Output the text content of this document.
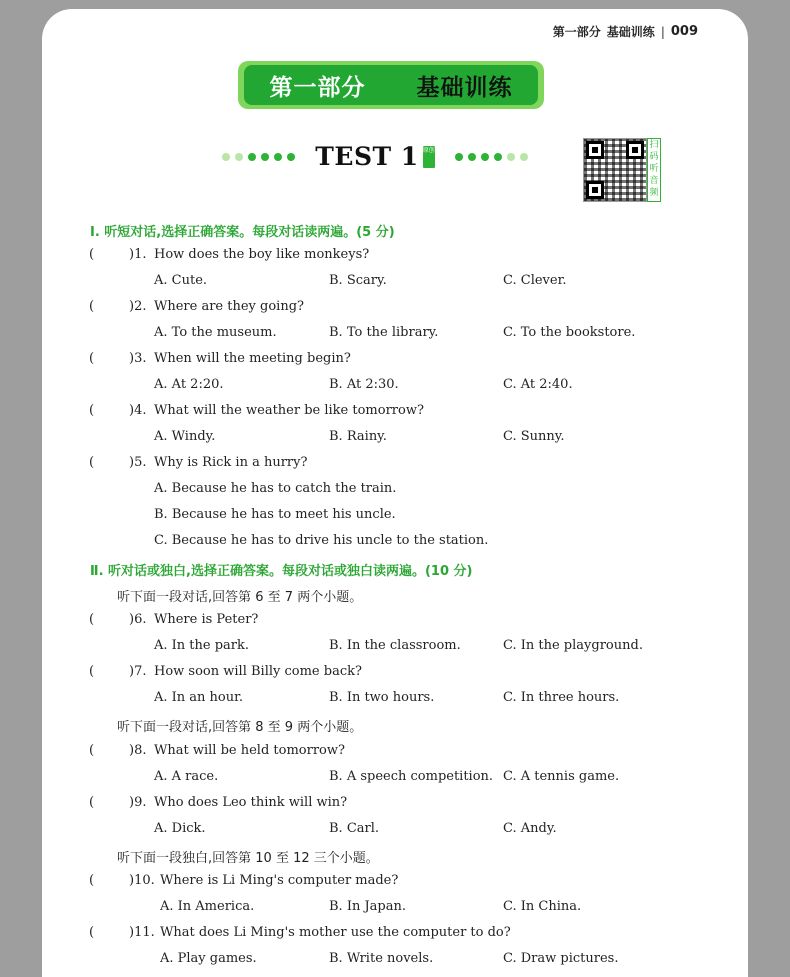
第一部分 基础训练 | 009
第一部分 基础训练
TEST 1 原创	扫码听音频
Ⅰ. 听短对话,选择正确答案。每段对话读两遍。(5 分)
(	)1. How does the boy like monkeys?
A. Cute.	B. Scary.	C. Clever.
(	)2. Where are they going?
A. To the museum.	B. To the library.	C. To the bookstore.
(	)3. When will the meeting begin?
A. At 2:20.	B. At 2:30.	C. At 2:40.
(	)4. What will the weather be like tomorrow?
A. Windy.	B. Rainy.	C. Sunny.
(	)5. Why is Rick in a hurry?
A. Because he has to catch the train.
B. Because he has to meet his uncle.
C. Because he has to drive his uncle to the station.
Ⅱ. 听对话或独白,选择正确答案。每段对话或独白读两遍。(10 分)
听下面一段对话,回答第 6 至 7 两个小题。
(	)6. Where is Peter?
A. In the park.	B. In the classroom.	C. In the playground.
(	)7. How soon will Billy come back?
A. In an hour.	B. In two hours.	C. In three hours.
听下面一段对话,回答第 8 至 9 两个小题。
(	)8. What will be held tomorrow?
A. A race.	B. A speech competition. C. A tennis game.
(	)9. Who does Leo think will win?
A. Dick.	B. Carl.	C. Andy.
听下面一段独白,回答第 10 至 12 三个小题。
(	)10. Where is Li Ming's computer made?
A. In America.	B. In Japan.	C. In China.
(	)11. What does Li Ming's mother use the computer to do?
A. Play games.	B. Write novels.	C. Draw pictures.
